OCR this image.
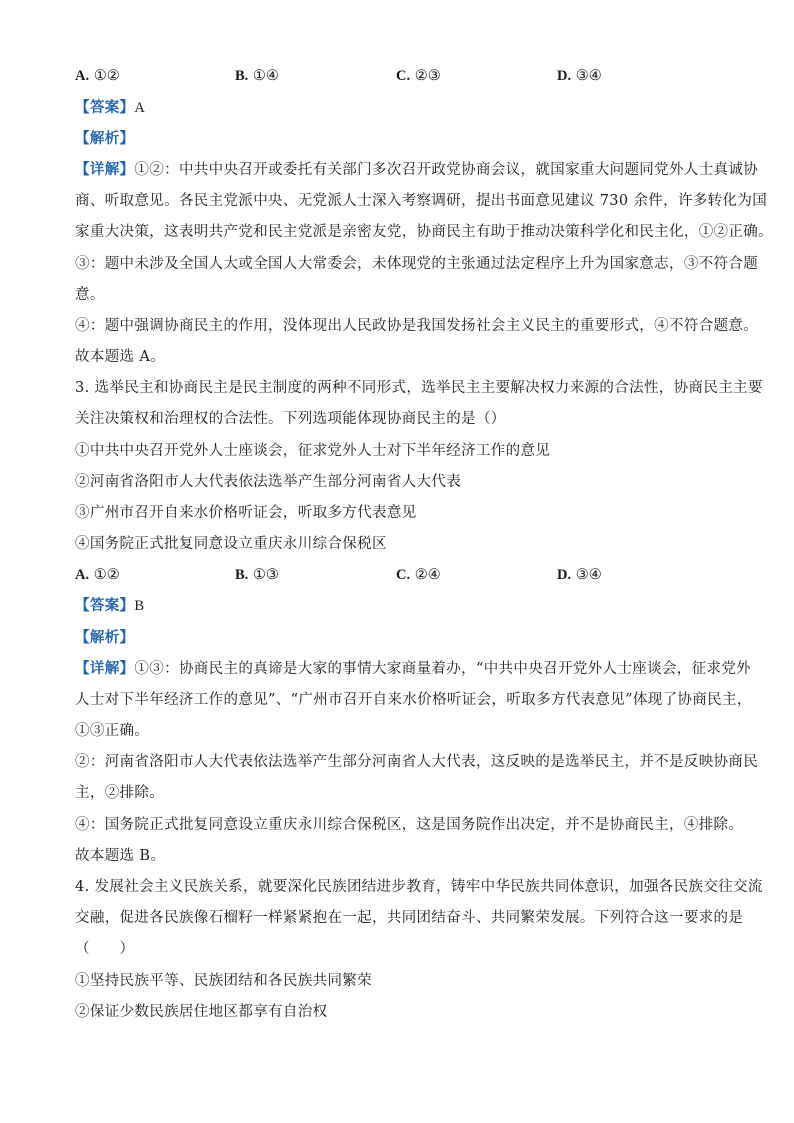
A. ①②	B. ①④	C. ②③	D. ③④
【答案】A
【解析】
【详解】①②：中共中央召开或委托有关部门多次召开政党协商会议，就国家重大问题同党外人士真诚协
商、听取意见。各民主党派中央、无党派人士深入考察调研，提出书面意见建议 730 余件，许多转化为国
家重大决策，这表明共产党和民主党派是亲密友党，协商民主有助于推动决策科学化和民主化，①②正确。
③：题中未涉及全国人大或全国人大常委会，未体现党的主张通过法定程序上升为国家意志，③不符合题
意。
④：题中强调协商民主的作用，没体现出人民政协是我国发扬社会主义民主的重要形式，④不符合题意。
故本题选 A。
3. 选举民主和协商民主是民主制度的两种不同形式，选举民主主要解决权力来源的合法性，协商民主主要
关注决策权和治理权的合法性。下列选项能体现协商民主的是（）
①中共中央召开党外人士座谈会，征求党外人士对下半年经济工作的意见
②河南省洛阳市人大代表依法选举产生部分河南省人大代表
③广州市召开自来水价格听证会，听取多方代表意见
④国务院正式批复同意设立重庆永川综合保税区
A. ①②	B. ①③	C. ②④	D. ③④
【答案】B
【解析】
【详解】①③：协商民主的真谛是大家的事情大家商量着办，“中共中央召开党外人士座谈会，征求党外
人士对下半年经济工作的意见”、“广州市召开自来水价格听证会，听取多方代表意见”体现了协商民主，
①③正确。
②：河南省洛阳市人大代表依法选举产生部分河南省人大代表，这反映的是选举民主，并不是反映协商民
主，②排除。
④：国务院正式批复同意设立重庆永川综合保税区，这是国务院作出决定，并不是协商民主，④排除。
故本题选 B。
4. 发展社会主义民族关系，就要深化民族团结进步教育，铸牢中华民族共同体意识，加强各民族交往交流
交融，促进各民族像石榴籽一样紧紧抱在一起，共同团结奋斗、共同繁荣发展。下列符合这一要求的是
（　　）
①坚持民族平等、民族团结和各民族共同繁荣
②保证少数民族居住地区都享有自治权
